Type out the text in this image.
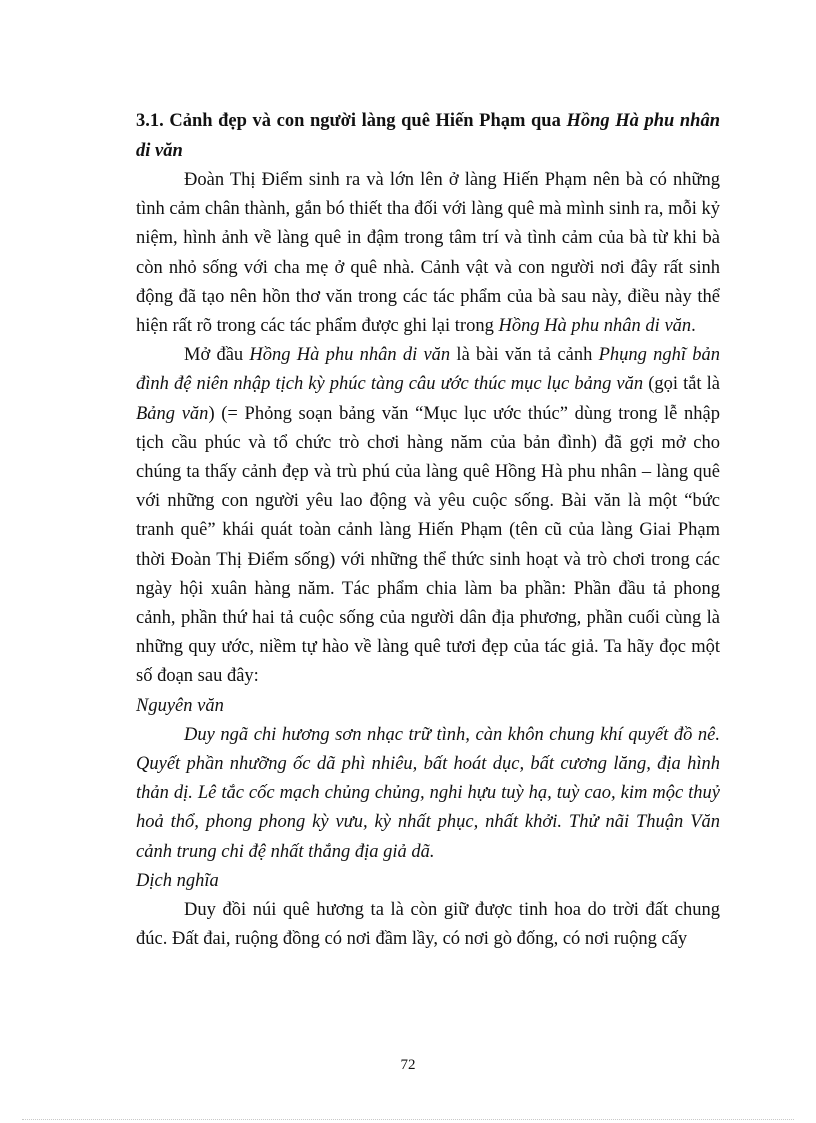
3.1. Cảnh đẹp và con người làng quê Hiến Phạm qua Hồng Hà phu nhân di văn

Đoàn Thị Điểm sinh ra và lớn lên ở làng Hiến Phạm nên bà có những tình cảm chân thành, gắn bó thiết tha đối với làng quê mà mình sinh ra, mỗi kỷ niệm, hình ảnh về làng quê in đậm trong tâm trí và tình cảm của bà từ khi bà còn nhỏ sống với cha mẹ ở quê nhà. Cảnh vật và con người nơi đây rất sinh động đã tạo nên hồn thơ văn trong các tác phẩm của bà sau này, điều này thể hiện rất rõ trong các tác phẩm được ghi lại trong Hồng Hà phu nhân di văn.

Mở đầu Hồng Hà phu nhân di văn là bài văn tả cảnh Phụng nghĩ bản đình đệ niên nhập tịch kỳ phúc tàng câu ước thúc mục lục bảng văn (gọi tắt là Bảng văn) (= Phỏng soạn bảng văn “Mục lục ước thúc” dùng trong lễ nhập tịch cầu phúc và tổ chức trò chơi hàng năm của bản đình) đã gợi mở cho chúng ta thấy cảnh đẹp và trù phú của làng quê Hồng Hà phu nhân – làng quê với những con người yêu lao động và yêu cuộc sống. Bài văn là một “bức tranh quê” khái quát toàn cảnh làng Hiến Phạm (tên cũ của làng Giai Phạm thời Đoàn Thị Điểm sống) với những thể thức sinh hoạt và trò chơi trong các ngày hội xuân hàng năm. Tác phẩm chia làm ba phần: Phần đầu tả phong cảnh, phần thứ hai tả cuộc sống của người dân địa phương, phần cuối cùng là những quy ước, niềm tự hào về làng quê tươi đẹp của tác giả. Ta hãy đọc một số đoạn sau đây:

Nguyên văn

Duy ngã chi hương sơn nhạc trữ tình, càn khôn chung khí quyết đồ nê. Quyết phần nhưỡng ốc dã phì nhiêu, bất hoát dục, bất cương lăng, địa hình thản dị. Lê tắc cốc mạch chủng chủng, nghi hựu tuỳ hạ, tuỳ cao, kim mộc thuỷ hoả thổ, phong phong kỳ vưu, kỳ nhất phục, nhất khởi. Thử nãi Thuận Văn cảnh trung chi đệ nhất thắng địa giả dã.

Dịch nghĩa

Duy đồi núi quê hương ta là còn giữ được tinh hoa do trời đất chung đúc. Đất đai, ruộng đồng có nơi đầm lầy, có nơi gò đống, có nơi ruộng cấy

72
